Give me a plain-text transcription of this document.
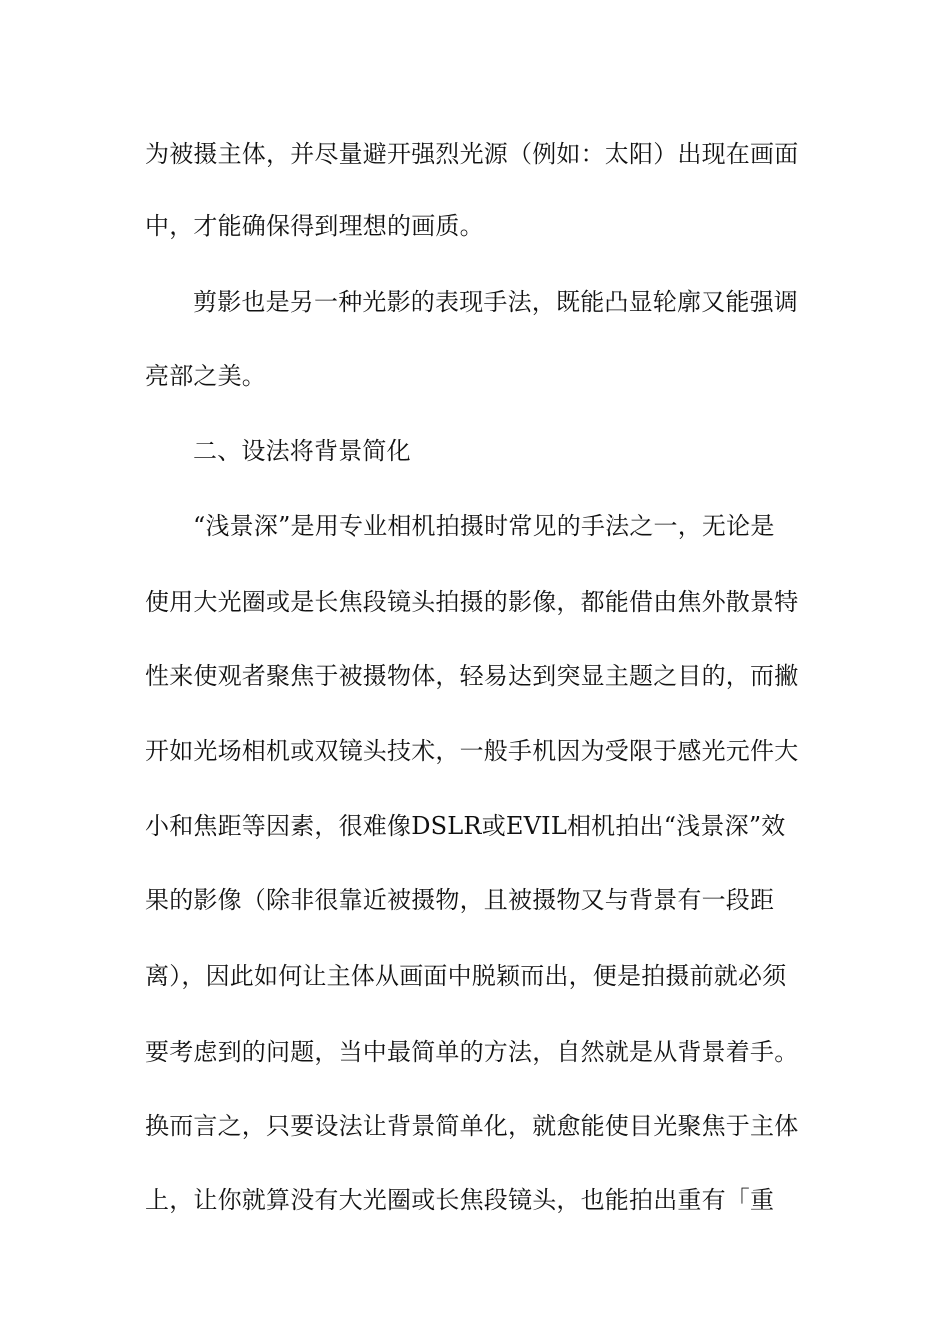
为被摄主体，并尽量避开强烈光源（例如：太阳）出现在画面
中，才能确保得到理想的画质。
剪影也是另一种光影的表现手法，既能凸显轮廓又能强调
亮部之美。
二、设法将背景简化
“浅景深”是用专业相机拍摄时常见的手法之一，无论是
使用大光圈或是长焦段镜头拍摄的影像，都能借由焦外散景特
性来使观者聚焦于被摄物体，轻易达到突显主题之目的，而撇
开如光场相机或双镜头技术，一般手机因为受限于感光元件大
小和焦距等因素，很难像DSLR或EVIL相机拍出“浅景深”效
果的影像（除非很靠近被摄物，且被摄物又与背景有一段距
离），因此如何让主体从画面中脱颖而出，便是拍摄前就必须
要考虑到的问题，当中最简单的方法，自然就是从背景着手。
换而言之，只要设法让背景简单化，就愈能使目光聚焦于主体
上，让你就算没有大光圈或长焦段镜头，也能拍出重有「重
